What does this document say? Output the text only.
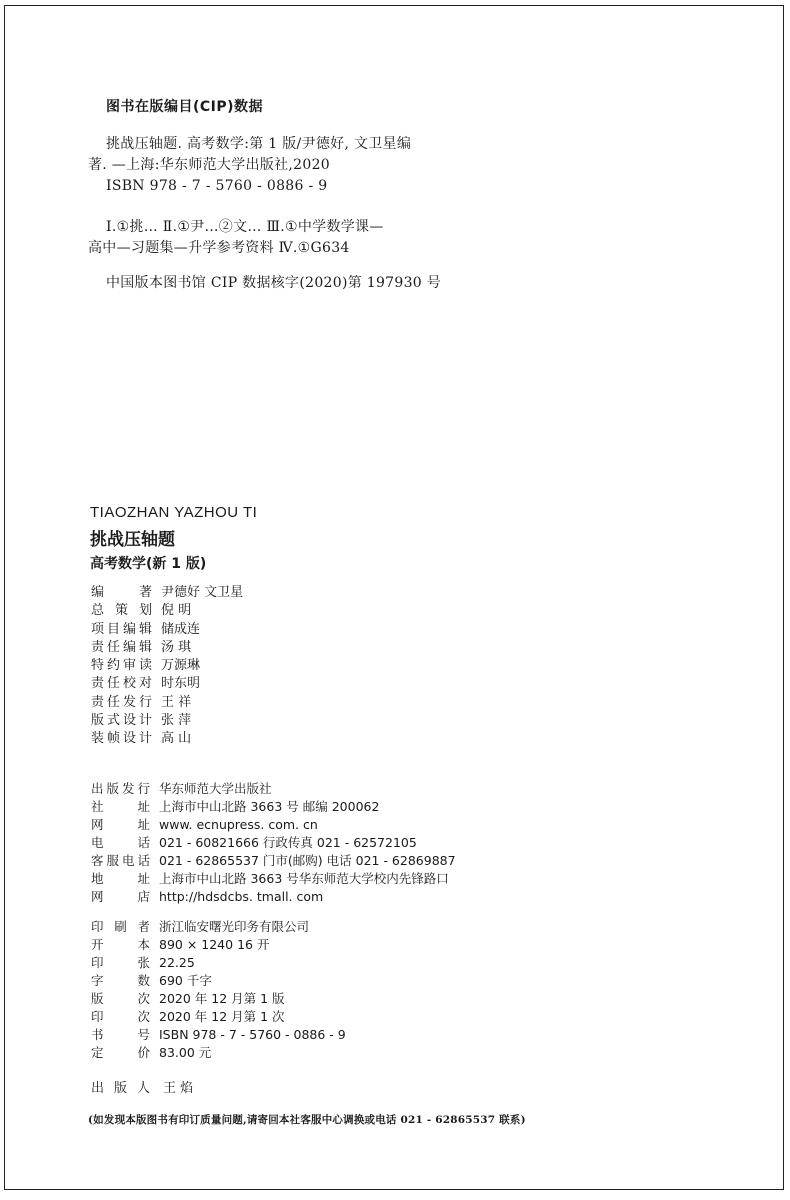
图书在版编目(CIP)数据

挑战压轴题. 高考数学:第 1 版/尹德好, 文卫星编

著. —上海:华东师范大学出版社,2020

ISBN 978 - 7 - 5760 - 0886 - 9

Ⅰ.①挑… Ⅱ.①尹…②文… Ⅲ.①中学数学课—

高中—习题集—升学参考资料 Ⅳ.①G634

中国版本图书馆 CIP 数据核字(2020)第 197930 号

TIAOZHAN YAZHOU TI
挑战压轴题
高考数学(新 1 版)
编著 尹德好 文卫星
总策划 倪 明
项目编辑 储成连
责任编辑 汤 琪
特约审读 万源琳
责任校对 时东明
责任发行 王 祥
版式设计 张 萍
装帧设计 高 山
出版发行 华东师范大学出版社
社址 上海市中山北路 3663 号 邮编 200062
网址 www. ecnupress. com. cn
电话 021 - 60821666 行政传真 021 - 62572105
客服电话 021 - 62865537 门市(邮购) 电话 021 - 62869887
地址 上海市中山北路 3663 号华东师范大学校内先锋路口
网店 http://hdsdcbs. tmall. com
印刷者 浙江临安曙光印务有限公司
开本 890 × 1240 16 开
印张 22.25
字数 690 千字
版次 2020 年 12 月第 1 版
印次 2020 年 12 月第 1 次
书号 ISBN 978 - 7 - 5760 - 0886 - 9
定价 83.00 元
出版人 王 焰
(如发现本版图书有印订质量问题,请寄回本社客服中心调换或电话 021 - 62865537 联系)
